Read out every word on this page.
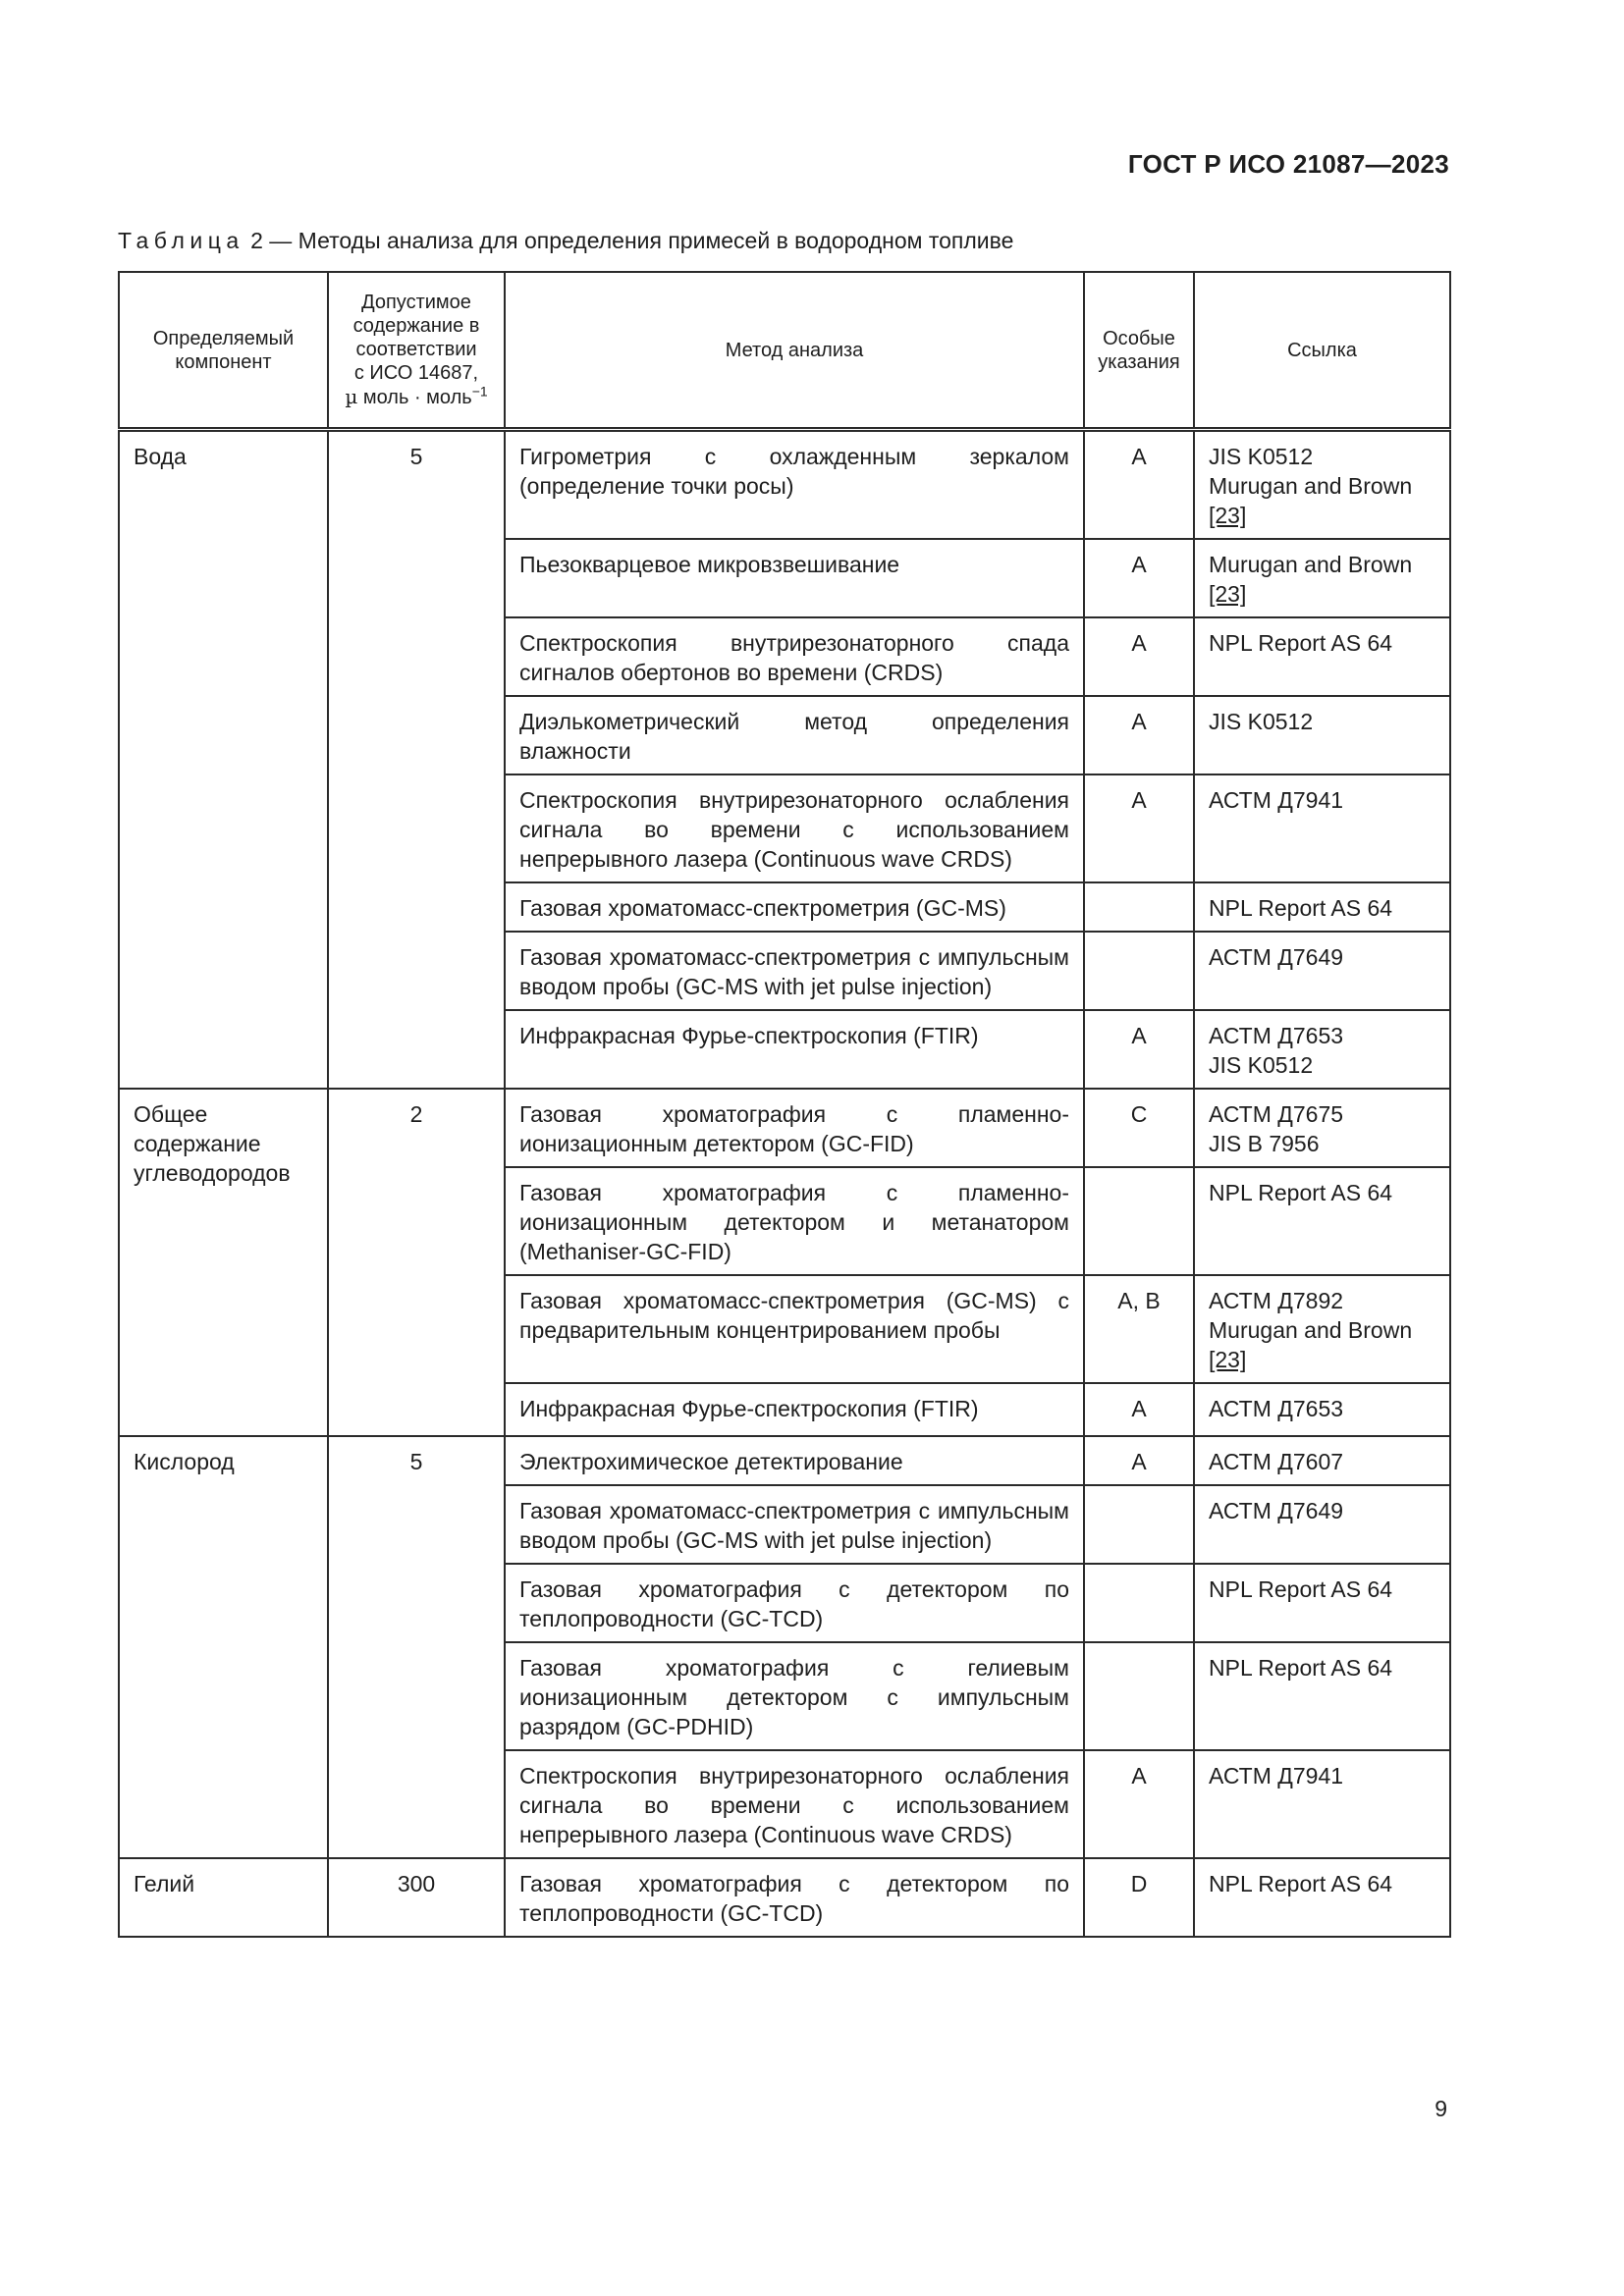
ГОСТ Р ИСО 21087—2023
Таблица 2 — Методы анализа для определения примесей в водородном топливе
Определяемый компонент	Допустимое
содержание в
соответствии
с ИСО 14687,
µ моль · моль$^{-1}$	Метод анализа	Особые
указания	Ссылка
Вода	5	Гигрометрия с охлажденным зеркалом (определение точки росы)	A	JIS K0512
Murugan and Brown
[23]

		Пьезокварцевое микровзвешивание	A	Murugan and Brown
[23]

		Спектроскопия внутрирезонаторного спада сигналов обертонов во времени (CRDS)	A	NPL Report AS 64

		Диэлькометрический метод определения влажности	A	JIS K0512

		Спектроскопия внутрирезонаторного ослабления сигнала во времени с использованием непрерывного лазера (Continuous wave CRDS)	A	АСТМ Д7941

		Газовая хроматомасс-спектрометрия (GC-MS)		NPL Report AS 64

		Газовая хроматомасс-спектрометрия с импульсным вводом пробы (GC-MS with jet pulse injection)		АСТМ Д7649

		Инфракрасная Фурье-спектроскопия (FTIR)	A	АСТМ Д7653
JIS K0512

Общее содержание углеводородов	2	Газовая хроматография с пламенно-ионизационным детектором (GC-FID)	C	АСТМ Д7675
JIS B 7956

		Газовая хроматография с пламенно-ионизационным детектором и метанатором (Methaniser-GC-FID)		NPL Report AS 64

		Газовая хроматомасс-спектрометрия (GC-MS) с предварительным концентрированием пробы	A, B	АСТМ Д7892
Murugan and Brown
[23]

		Инфракрасная Фурье-спектроскопия (FTIR)	A	АСТМ Д7653

Кислород	5	Электрохимическое детектирование	A	АСТМ Д7607

		Газовая хроматомасс-спектрометрия с импульсным вводом пробы (GC-MS with jet pulse injection)		АСТМ Д7649

		Газовая хроматография с детектором по теплопроводности (GC-TCD)		NPL Report AS 64

		Газовая хроматография с гелиевым ионизационным детектором с импульсным разрядом (GC-PDHID)		NPL Report AS 64

		Спектроскопия внутрирезонаторного ослабления сигнала во времени с использованием непрерывного лазера (Continuous wave CRDS)	A	АСТМ Д7941

Гелий	300	Газовая хроматография с детектором по теплопроводности (GC-TCD)	D	NPL Report AS 64
9
